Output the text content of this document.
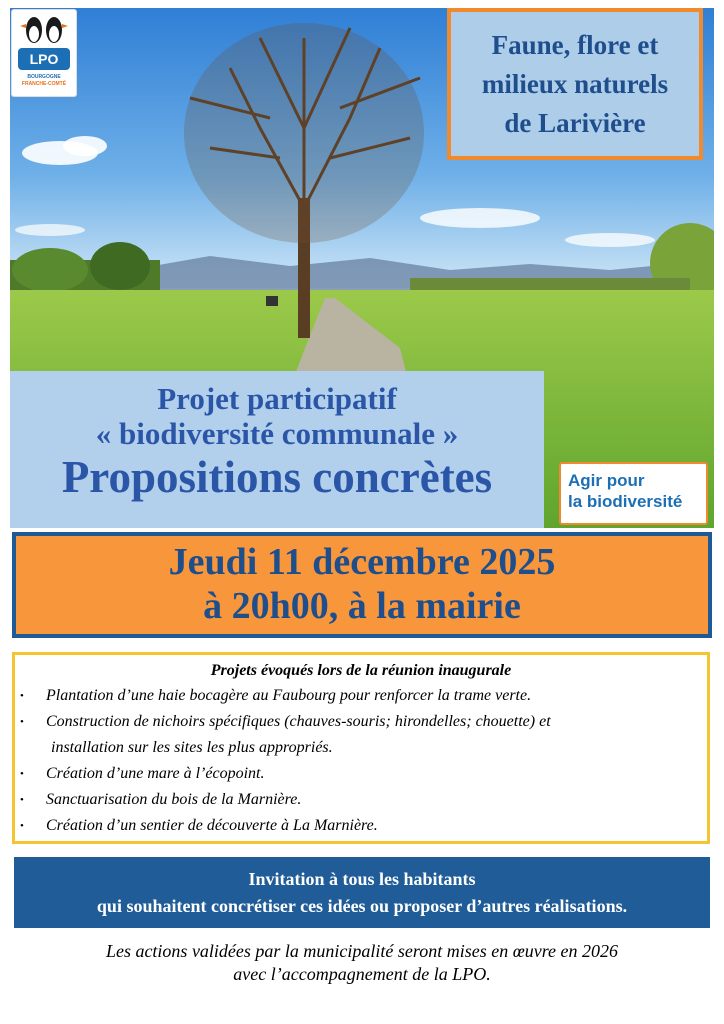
LPO
BOURGOGNE
FRANCHE-COMTÉ
Faune, flore et
milieux naturels
de Larivière
Projet participatif
« biodiversité communale »
Propositions concrètes	Agir pour
la biodiversité
Jeudi 11 décembre 2025
à 20h00, à la mairie
Projets évoqués lors de la réunion inaugurale
• Plantation d’une haie bocagère au Faubourg pour renforcer la trame verte.
• Construction de nichoirs spécifiques (chauves-souris; hirondelles; chouette) et
installation sur les sites les plus appropriés.
• Création d’une mare à l’écopoint.
• Sanctuarisation du bois de la Marnière.
• Création d’un sentier de découverte à La Marnière.
Invitation à tous les habitants
qui souhaitent concrétiser ces idées ou proposer d’autres réalisations.
Les actions validées par la municipalité seront mises en œuvre en 2026
avec l’accompagnement de la LPO.
